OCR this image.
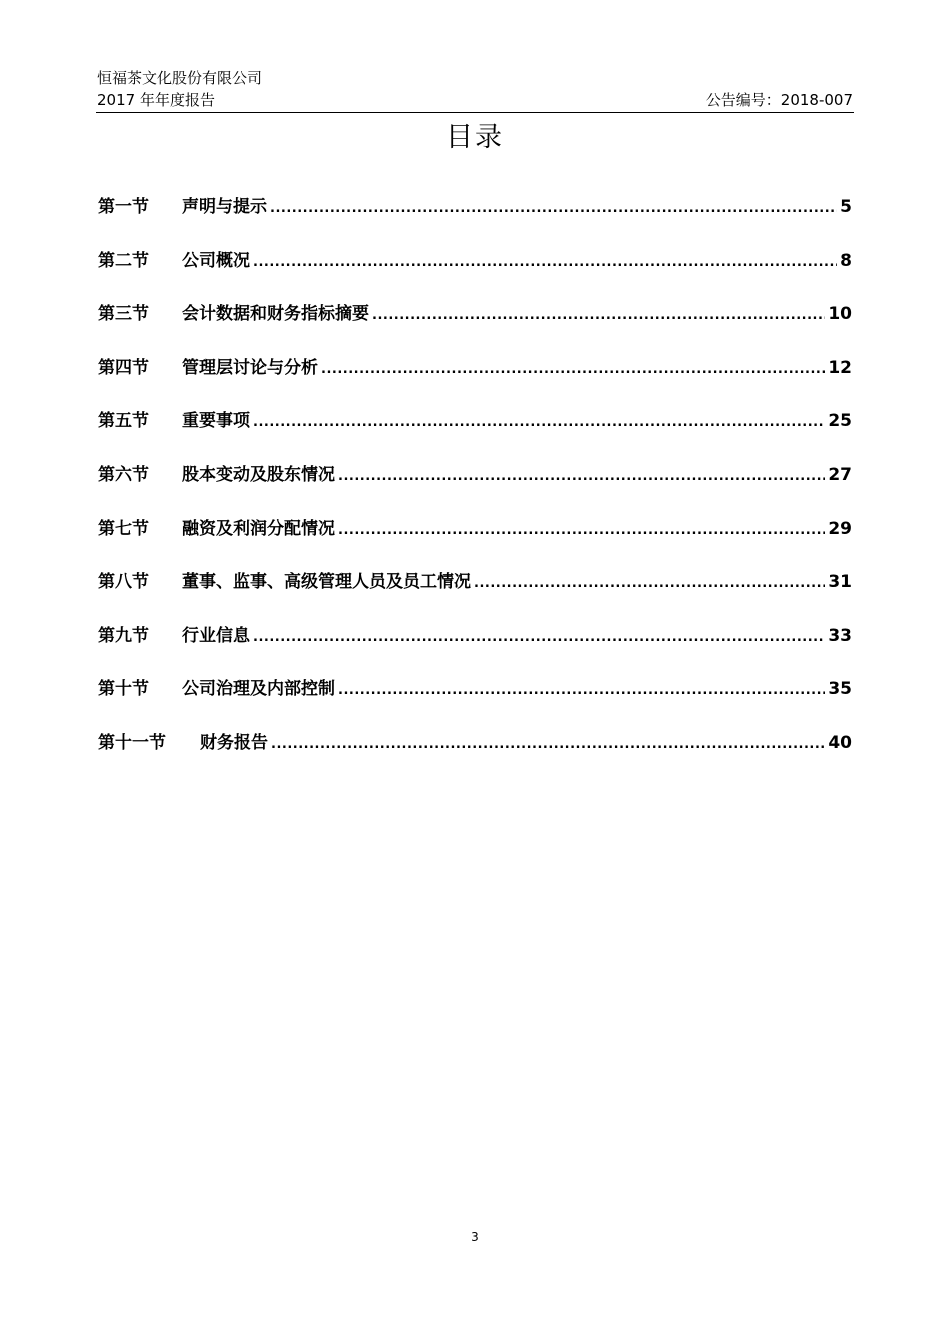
恒福茶文化股份有限公司
2017 年年度报告	公告编号：2018-007
目录
第一节	声明与提示 .....	5
第二节	公司概况 .....	8
第三节	会计数据和财务指标摘要 .....	10
第四节	管理层讨论与分析 .....	12
第五节	重要事项 .....	25
第六节	股本变动及股东情况 .....	27
第七节	融资及利润分配情况 .....	29
第八节	董事、监事、高级管理人员及员工情况 .....	31
第九节	行业信息 .....	33
第十节	公司治理及内部控制 .....	35
第十一节	财务报告 .....	40
3
